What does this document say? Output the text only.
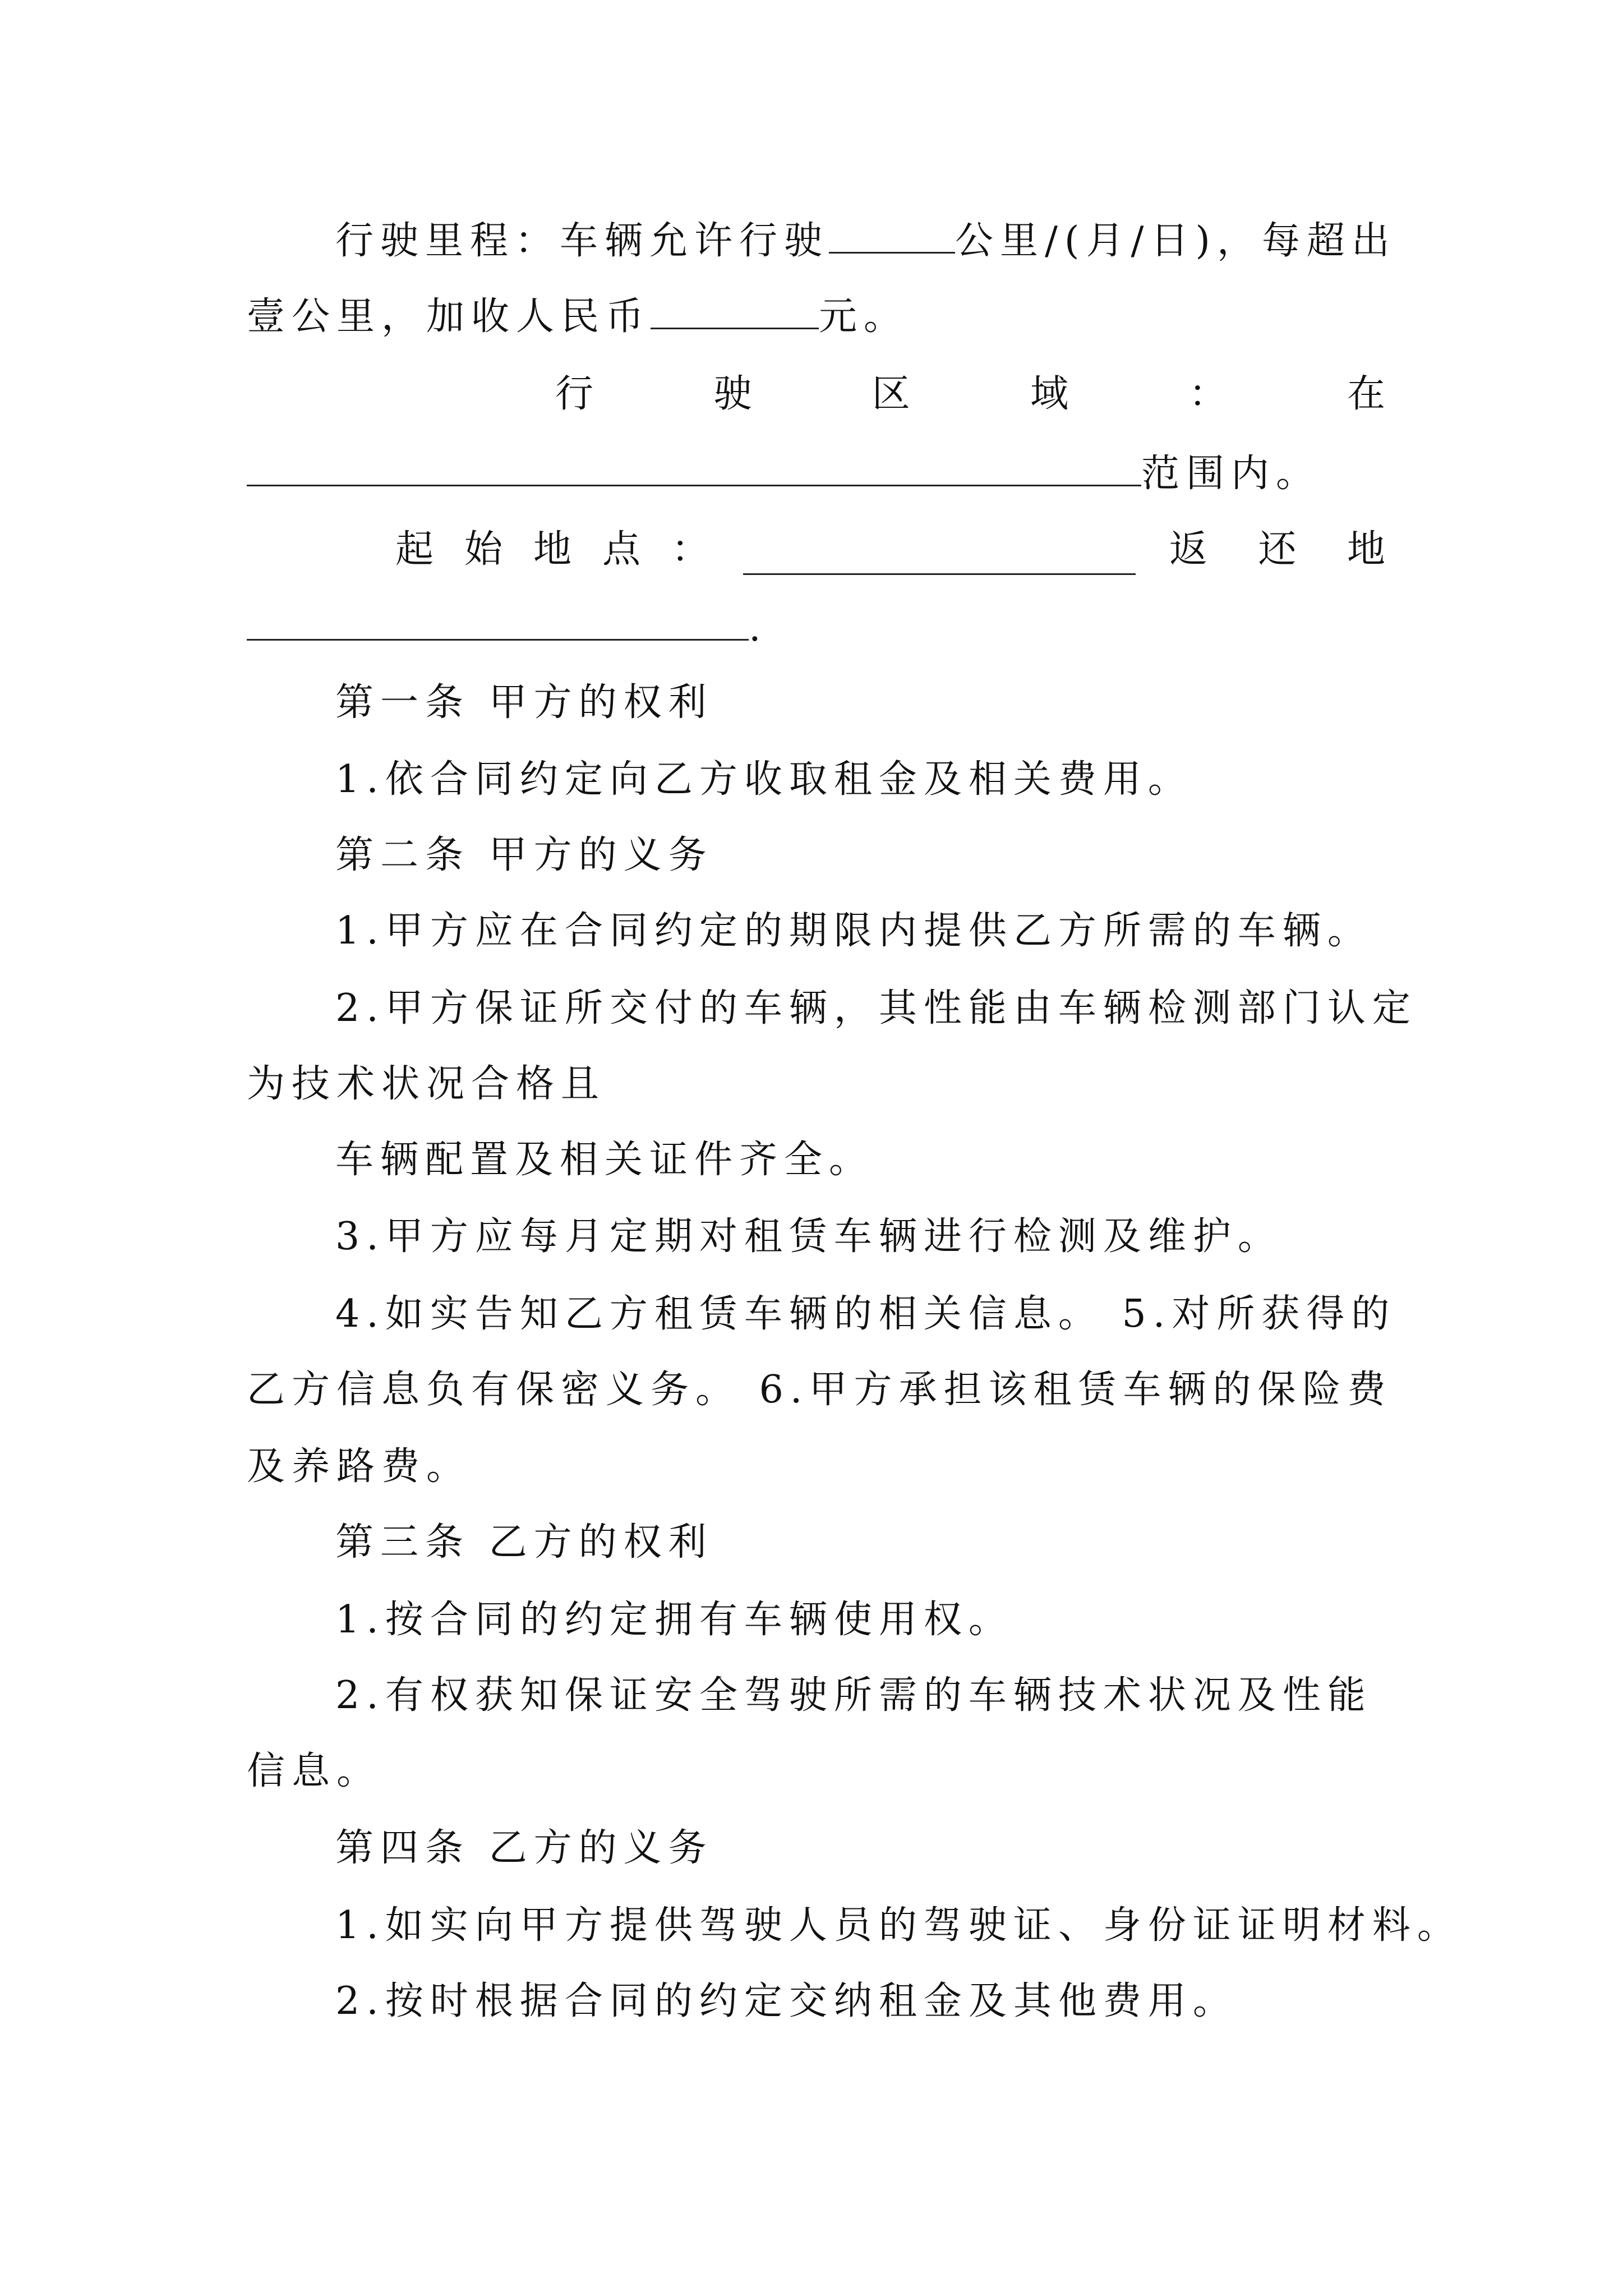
行驶里程：车辆允许行驶	公里/(月/日)，每超出
壹公里，加收人民币	元。
行	驶	区	域	：	在
范围内。
起 始 地 点 ：	返 还 地
.
第一条 甲方的权利
1.依合同约定向乙方收取租金及相关费用。
第二条 甲方的义务
1.甲方应在合同约定的期限内提供乙方所需的车辆。
2.甲方保证所交付的车辆，其性能由车辆检测部门认定
为技术状况合格且
车辆配置及相关证件齐全。
3.甲方应每月定期对租赁车辆进行检测及维护。
4.如实告知乙方租赁车辆的相关信息。 5.对所获得的
乙方信息负有保密义务。 6.甲方承担该租赁车辆的保险费
及养路费。
第三条 乙方的权利
1.按合同的约定拥有车辆使用权。
2.有权获知保证安全驾驶所需的车辆技术状况及性能
信息。
第四条 乙方的义务
1.如实向甲方提供驾驶人员的驾驶证、身份证证明材料。
2.按时根据合同的约定交纳租金及其他费用。
